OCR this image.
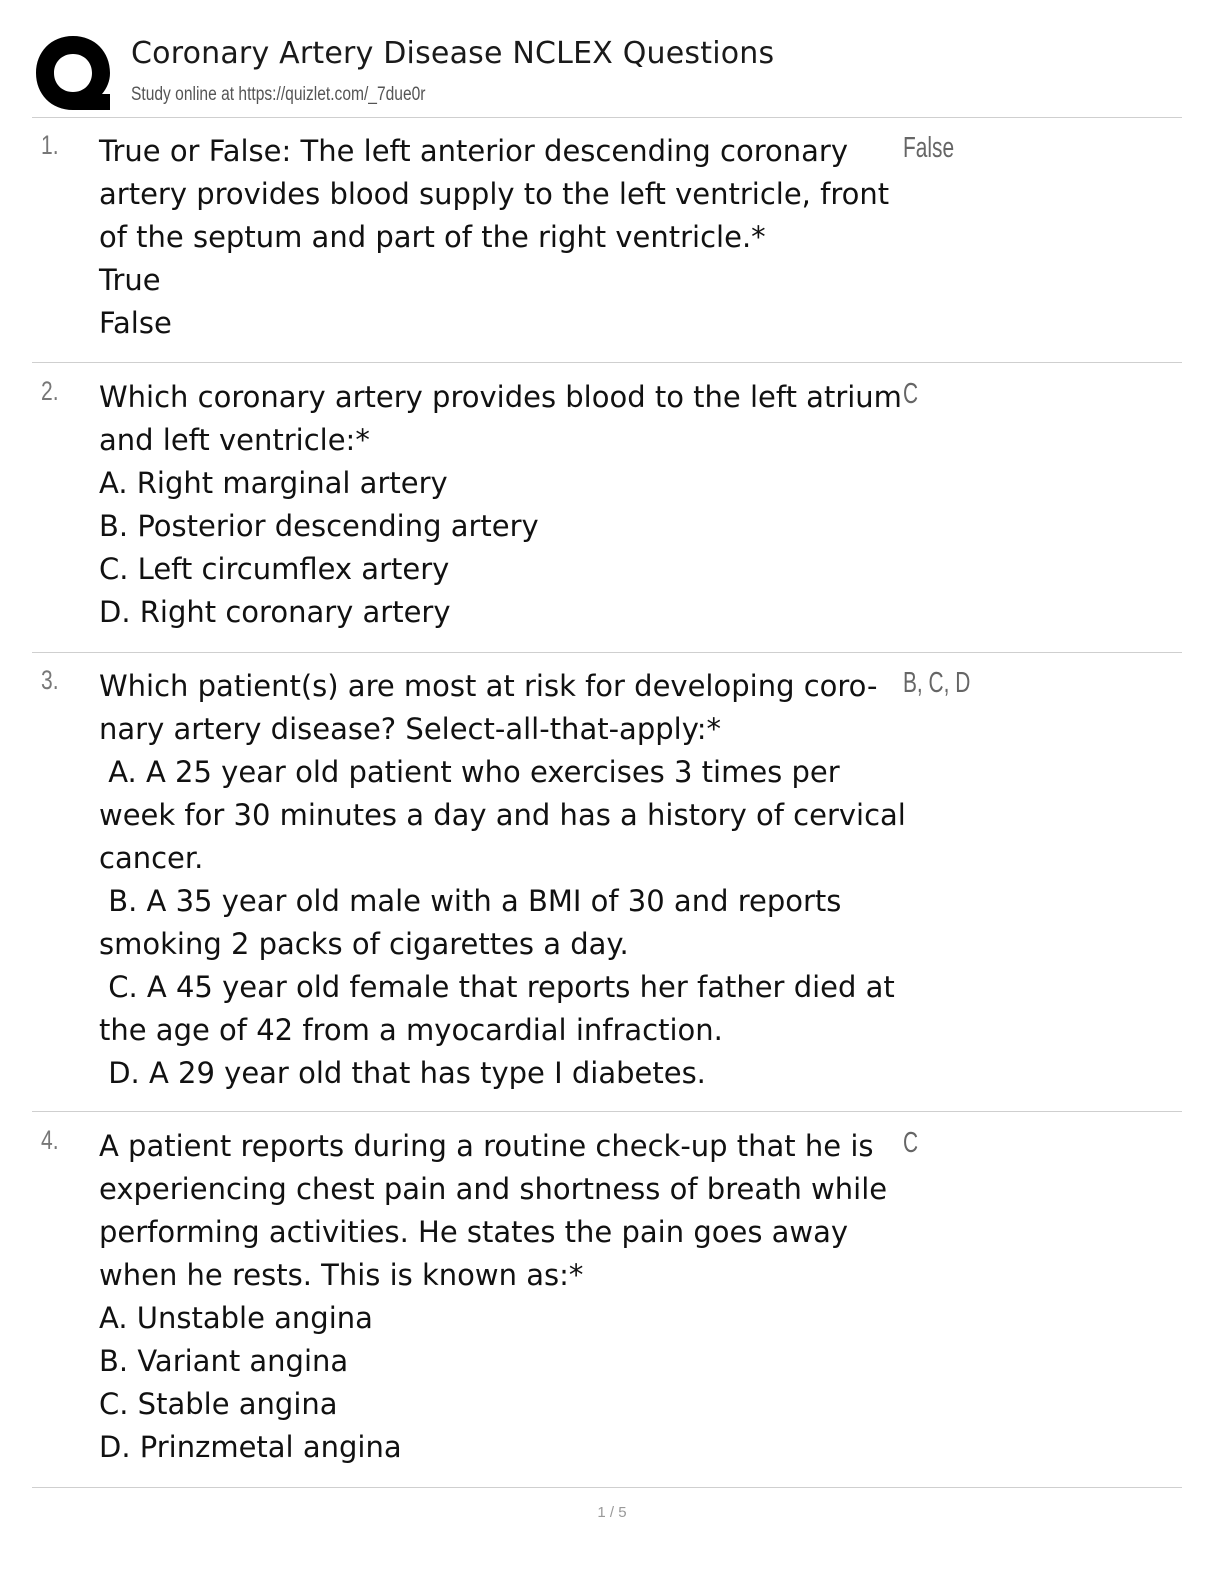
Coronary Artery Disease NCLEX Questions
Study online at https://quizlet.com/_7due0r
1. True or False: The left anterior descending coronary
artery provides blood supply to the left ventricle, front
of the septum and part of the right ventricle.*
True
False
False
2. Which coronary artery provides blood to the left atrium
and left ventricle:*
A. Right marginal artery
B. Posterior descending artery
C. Left circumflex artery
D. Right coronary artery
C
3. Which patient(s) are most at risk for developing coro-
nary artery disease? Select-all-that-apply:*
A. A 25 year old patient who exercises 3 times per
week for 30 minutes a day and has a history of cervical
cancer.
B. A 35 year old male with a BMI of 30 and reports
smoking 2 packs of cigarettes a day.
C. A 45 year old female that reports her father died at
the age of 42 from a myocardial infraction.
D. A 29 year old that has type I diabetes.
B, C, D
4. A patient reports during a routine check-up that he is
experiencing chest pain and shortness of breath while
performing activities. He states the pain goes away
when he rests. This is known as:*
A. Unstable angina
B. Variant angina
C. Stable angina
D. Prinzmetal angina
C
1 / 5
